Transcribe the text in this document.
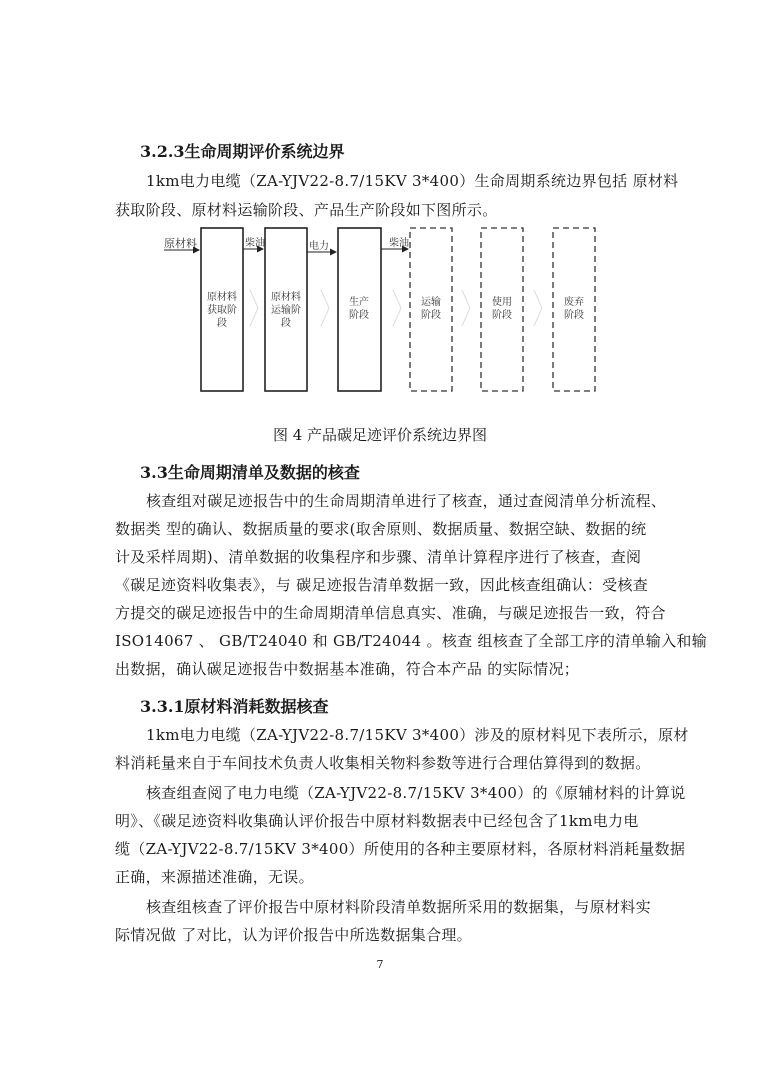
3.2.3生命周期评价系统边界
1km电力电缆（ZA-YJV22-8.7/15KV 3*400）生命周期系统边界包括 原材料
获取阶段、原材料运输阶段、产品生产阶段如下图所示。
原材料	柴油	电力	柴油
原材料获取阶段
原材料运输阶段
生产阶段
运输阶段
使用阶段
废弃阶段
图 4 产品碳足迹评价系统边界图
3.3生命周期清单及数据的核查
核查组对碳足迹报告中的生命周期清单进行了核查，通过查阅清单分析流程、
数据类 型的确认、数据质量的要求(取舍原则、数据质量、数据空缺、数据的统
计及采样周期)、清单数据的收集程序和步骤、清单计算程序进行了核查，查阅
《碳足迹资料收集表》，与 碳足迹报告清单数据一致，因此核查组确认：受核查
方提交的碳足迹报告中的生命周期清单信息真实、准确，与碳足迹报告一致，符合
ISO14067 、 GB/T24040 和 GB/T24044 。核查 组核查了全部工序的清单输入和输
出数据，确认碳足迹报告中数据基本准确，符合本产品 的实际情况；
3.3.1原材料消耗数据核查
1km电力电缆（ZA-YJV22-8.7/15KV 3*400）涉及的原材料见下表所示，原材
料消耗量来自于车间技术负责人收集相关物料参数等进行合理估算得到的数据。
核查组查阅了电力电缆（ZA-YJV22-8.7/15KV 3*400）的《原辅材料的计算说
明》、《碳足迹资料收集确认评价报告中原材料数据表中已经包含了1km电力电
缆（ZA-YJV22-8.7/15KV 3*400）所使用的各种主要原材料，各原材料消耗量数据
正确，来源描述准确，无误。
核查组核查了评价报告中原材料阶段清单数据所采用的数据集，与原材料实
际情况做 了对比，认为评价报告中所选数据集合理。
7
